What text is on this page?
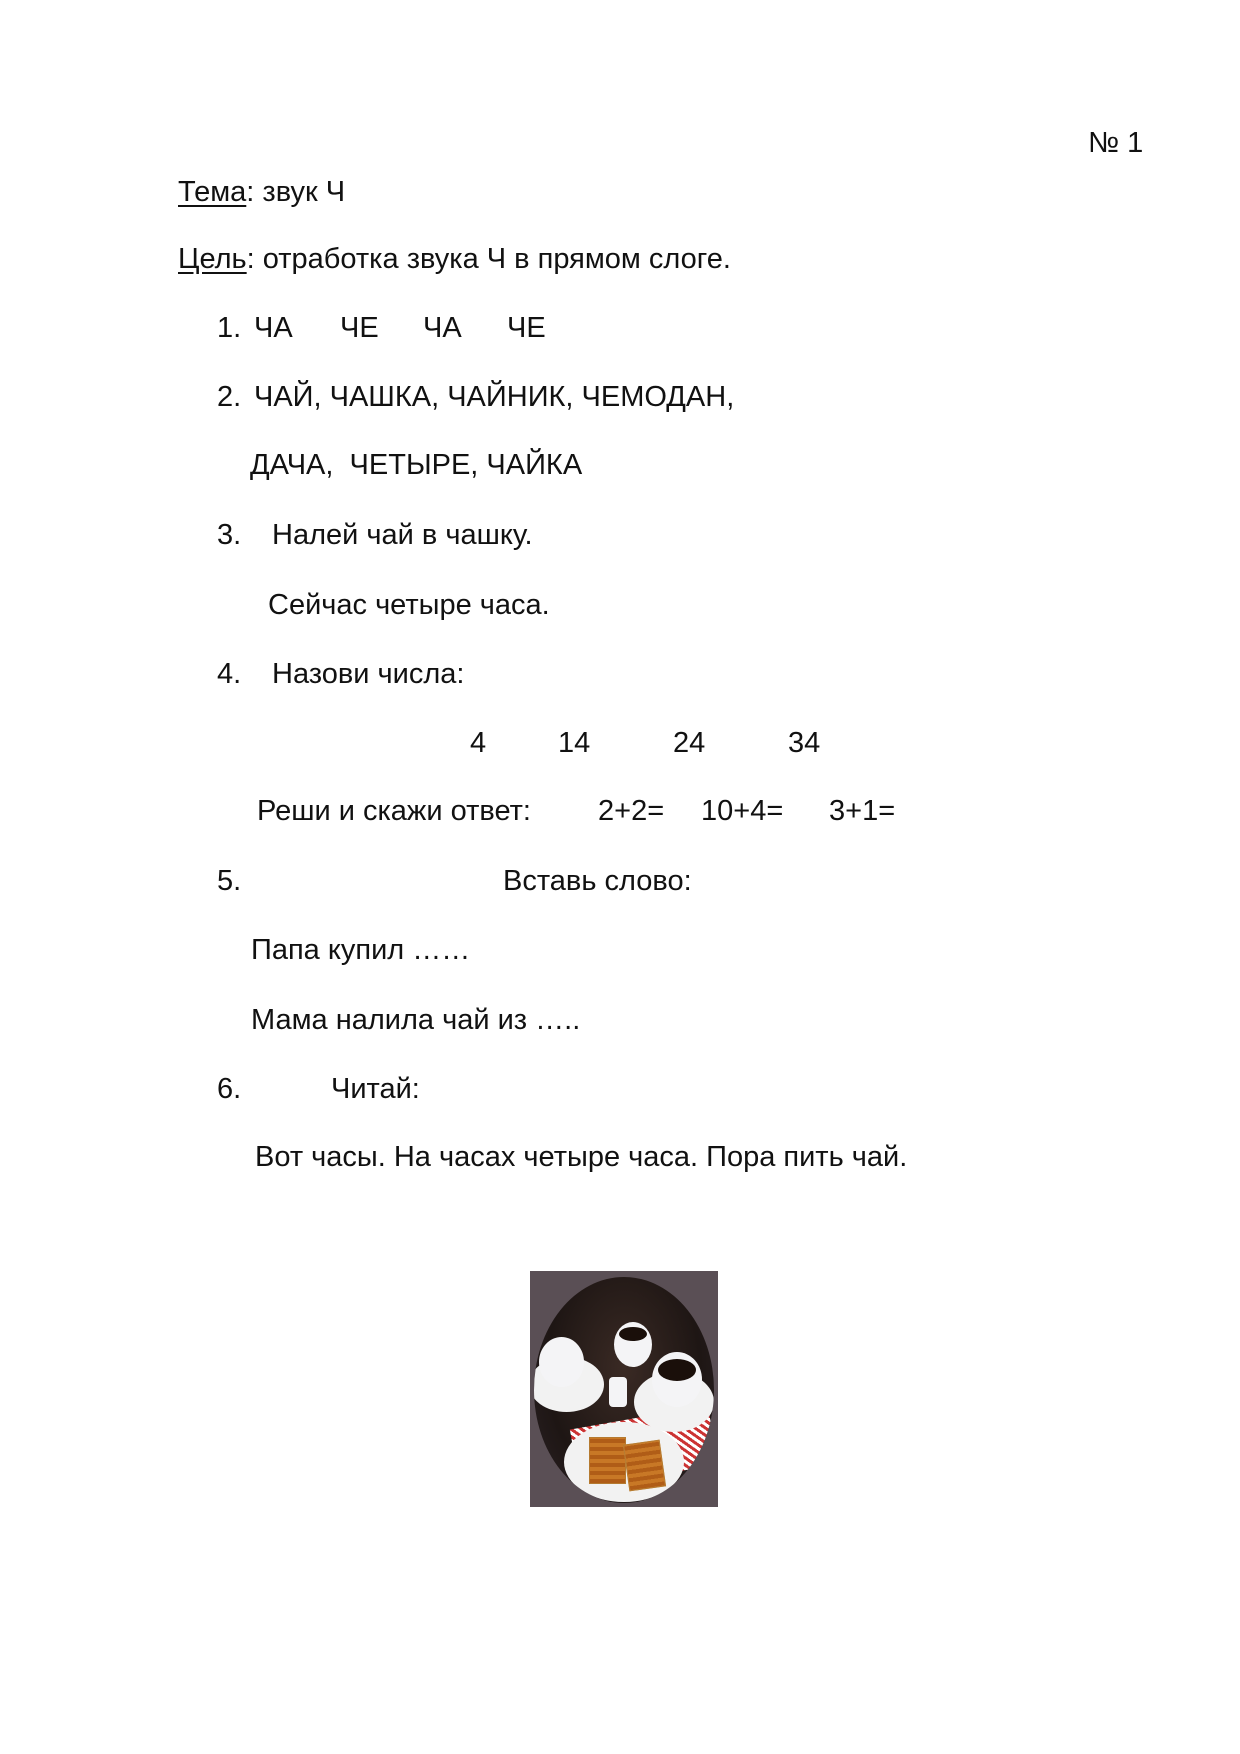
№ 1
Тема: звук Ч
Цель: отработка звука Ч в прямом слоге.
1. ЧА ЧЕ ЧА ЧЕ
2. ЧАЙ, ЧАШКА, ЧАЙНИК, ЧЕМОДАН,
ДАЧА,  ЧЕТЫРЕ, ЧАЙКА
3. Налей чай в чашку.
Сейчас четыре часа.
4. Назови числа:
4 14	24	34
Реши и скажи ответ: 2+2= 10+4= 3+1=
5.	Вставь слово:
Папа купил ……
Мама налила чай из …..
6.	Читай:
Вот часы. На часах четыре часа. Пора пить чай.
